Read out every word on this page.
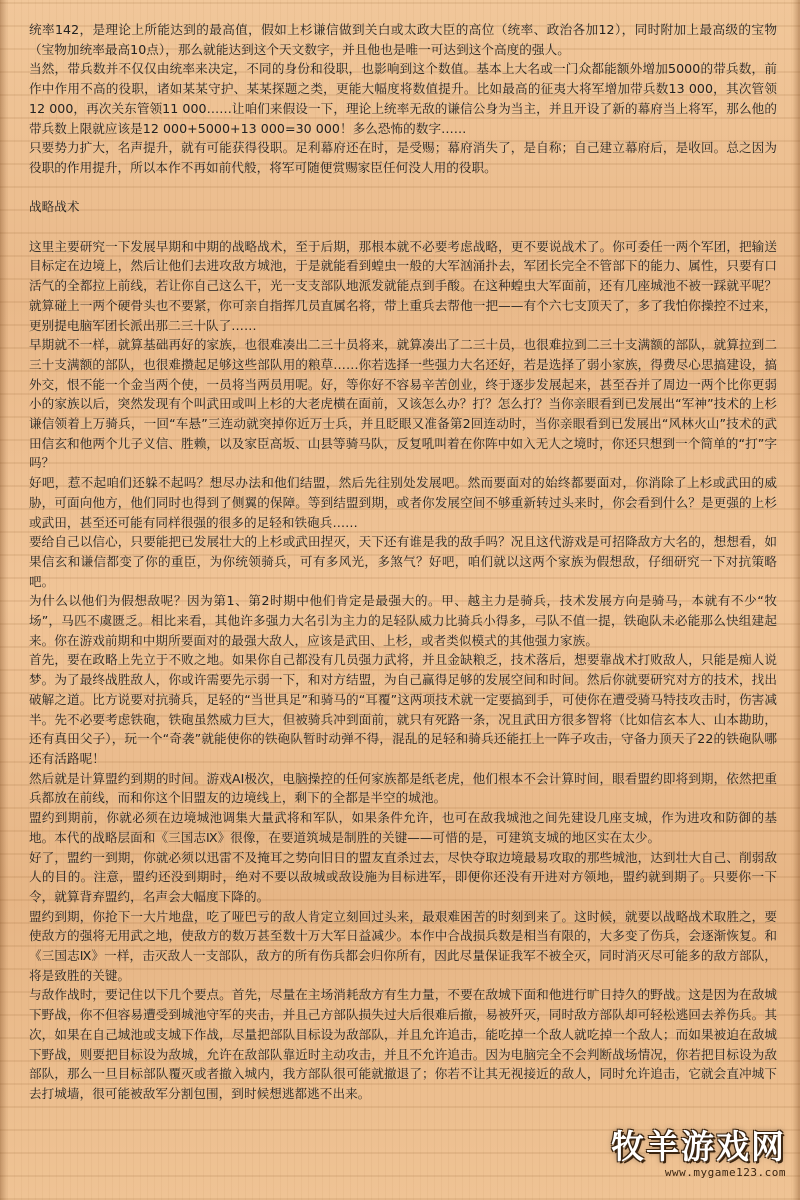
统率142，是理论上所能达到的最高值，假如上杉谦信做到关白或太政大臣的高位（统率、政治各加12），同时附加上最高级的宝物（宝物加统率最高10点），那么就能达到这个天文数字，并且他也是唯一可达到这个高度的强人。

当然，带兵数并不仅仅由统率来决定，不同的身份和役职，也影响到这个数值。基本上大名或一门众都能额外增加5000的带兵数，前作中作用不高的役职，诸如某某守护、某某探题之类，更能大幅度将数值提升。比如最高的征夷大将军增加带兵数13 000，其次管领12 000，再次关东管领11 000……让咱们来假设一下，理论上统率无敌的谦信公身为当主，并且开设了新的幕府当上将军，那么他的带兵数上限就应该是12 000+5000+13 000=30 000！多么恐怖的数字……

只要势力扩大，名声提升，就有可能获得役职。足利幕府还在时，是受赐；幕府消失了，是自称；自己建立幕府后，是收回。总之因为役职的作用提升，所以本作不再如前代般，将军可随便赏赐家臣任何没人用的役职。

战略战术

这里主要研究一下发展早期和中期的战略战术，至于后期，那根本就不必要考虑战略，更不要说战术了。你可委任一两个军团，把输送目标定在边境上，然后让他们去进攻敌方城池，于是就能看到蝗虫一般的大军汹涌扑去，军团长完全不管部下的能力、属性，只要有口活气的全都拉上前线，若让你自己这么干，光一支支部队地派发就能点到手酸。在这种蝗虫大军面前，还有几座城池不被一踩就平呢？就算碰上一两个硬骨头也不要紧，你可亲自指挥几员直属名将，带上重兵去帮他一把——有个六七支顶天了，多了我怕你操控不过来，更别提电脑军团长派出那二三十队了……

早期就不一样，就算基础再好的家族，也很难凑出二三十员将来，就算凑出了二三十员，也很难拉到二三十支满额的部队，就算拉到二三十支满额的部队，也很难攒起足够这些部队用的粮草……你若选择一些强力大名还好，若是选择了弱小家族，得费尽心思搞建设，搞外交，恨不能一个金当两个使，一员将当两员用呢。好，等你好不容易辛苦创业，终于逐步发展起来，甚至吞并了周边一两个比你更弱小的家族以后，突然发现有个叫武田或叫上杉的大老虎横在面前，又该怎么办？打？怎么打？当你亲眼看到已发展出“军神”技术的上杉谦信领着上万骑兵，一回“车悬”三连动就突掉你近万士兵，并且眨眼又准备第2回连动时，当你亲眼看到已发展出“风林火山”技术的武田信玄和他两个儿子义信、胜赖，以及家臣高坂、山县等骑马队，反复吼叫着在你阵中如入无人之境时，你还只想到一个简单的“打”字吗？

好吧，惹不起咱们还躲不起吗？想尽办法和他们结盟，然后先往别处发展吧。然而要面对的始终都要面对，你消除了上杉或武田的威胁，可面向他方，他们同时也得到了侧翼的保障。等到结盟到期，或者你发展空间不够重新转过头来时，你会看到什么？是更强的上杉或武田，甚至还可能有同样很强的很多的足轻和铁砲兵……

要给自己以信心，只要能把已发展壮大的上杉或武田捏灭，天下还有谁是我的敌手吗？况且这代游戏是可招降敌方大名的，想想看，如果信玄和谦信都变了你的重臣，为你统领骑兵，可有多风光，多煞气？好吧，咱们就以这两个家族为假想敌，仔细研究一下对抗策略吧。

为什么以他们为假想敌呢？因为第1、第2时期中他们肯定是最强大的。甲、越主力是骑兵，技术发展方向是骑马，本就有不少“牧场”，马匹不虞匮乏。相比来看，其他许多强力大名引为主力的足轻队威力比骑兵小得多，弓队不值一提，铁砲队未必能那么快组建起来。你在游戏前期和中期所要面对的最强大敌人，应该是武田、上杉，或者类似模式的其他强力家族。

首先，要在政略上先立于不败之地。如果你自己都没有几员强力武将，并且金缺粮乏，技术落后，想要靠战术打败敌人，只能是痴人说梦。为了最终战胜敌人，你或许需要先示弱一下，和对方结盟，为自己赢得足够的发展空间和时间。然后你就要研究对方的技术，找出破解之道。比方说要对抗骑兵，足轻的“当世具足”和骑马的“耳覆”这两项技术就一定要搞到手，可使你在遭受骑马特技攻击时，伤害减半。先不必要考虑铁砲，铁砲虽然威力巨大，但被骑兵冲到面前，就只有死路一条，况且武田方很多智将（比如信玄本人、山本勘助，还有真田父子），玩一个“奇袭”就能使你的铁砲队暂时动弹不得，混乱的足轻和骑兵还能扛上一阵子攻击，守备力顶天了22的铁砲队哪还有活路呢！

然后就是计算盟约到期的时间。游戏AI极次，电脑操控的任何家族都是纸老虎，他们根本不会计算时间，眼看盟约即将到期，依然把重兵都放在前线，而和你这个旧盟友的边境线上，剩下的全都是半空的城池。

盟约到期前，你就必须在边境城池调集大量武将和军队，如果条件允许，也可在敌我城池之间先建设几座支城，作为进攻和防御的基地。本代的战略层面和《三国志Ⅸ》很像，在要道筑城是制胜的关键——可惜的是，可建筑支城的地区实在太少。

好了，盟约一到期，你就必须以迅雷不及掩耳之势向旧日的盟友直杀过去，尽快夺取边境最易攻取的那些城池，达到壮大自己、削弱敌人的目的。注意，盟约还没到期时，绝对不要以敌城或敌设施为目标进军，即便你还没有开进对方领地，盟约就到期了。只要你一下令，就算背弃盟约，名声会大幅度下降的。

盟约到期，你抢下一大片地盘，吃了哑巴亏的敌人肯定立刻回过头来，最艰难困苦的时刻到来了。这时候，就要以战略战术取胜之，要使敌方的强将无用武之地，使敌方的数万甚至数十万大军日益减少。本作中合战损兵数是相当有限的，大多变了伤兵，会逐渐恢复。和《三国志Ⅸ》一样，击灭敌人一支部队，敌方的所有伤兵都会归你所有，因此尽量保证我军不被全灭，同时消灭尽可能多的敌方部队，将是致胜的关键。

与敌作战时，要记住以下几个要点。首先，尽量在主场消耗敌方有生力量，不要在敌城下面和他进行旷日持久的野战。这是因为在敌城下野战，你不但容易遭受到城池守军的夹击，并且己方部队损失过大后很难后撤，易被歼灭，同时敌方部队却可轻松逃回去养伤兵。其次，如果在自己城池或支城下作战，尽量把部队目标设为敌部队，并且允许追击，能吃掉一个敌人就吃掉一个敌人；而如果被迫在敌城下野战，则要把目标设为敌城，允许在敌部队靠近时主动攻击，并且不允许追击。因为电脑完全不会判断战场情况，你若把目标设为敌部队，那么一旦目标部队覆灭或者撤入城内，我方部队很可能就撤退了；你若不让其无视接近的敌人，同时允许追击，它就会直冲城下去打城墙，很可能被敌军分割包围，到时候想逃都逃不出来。

牧羊游戏网
www.mygame123.com
